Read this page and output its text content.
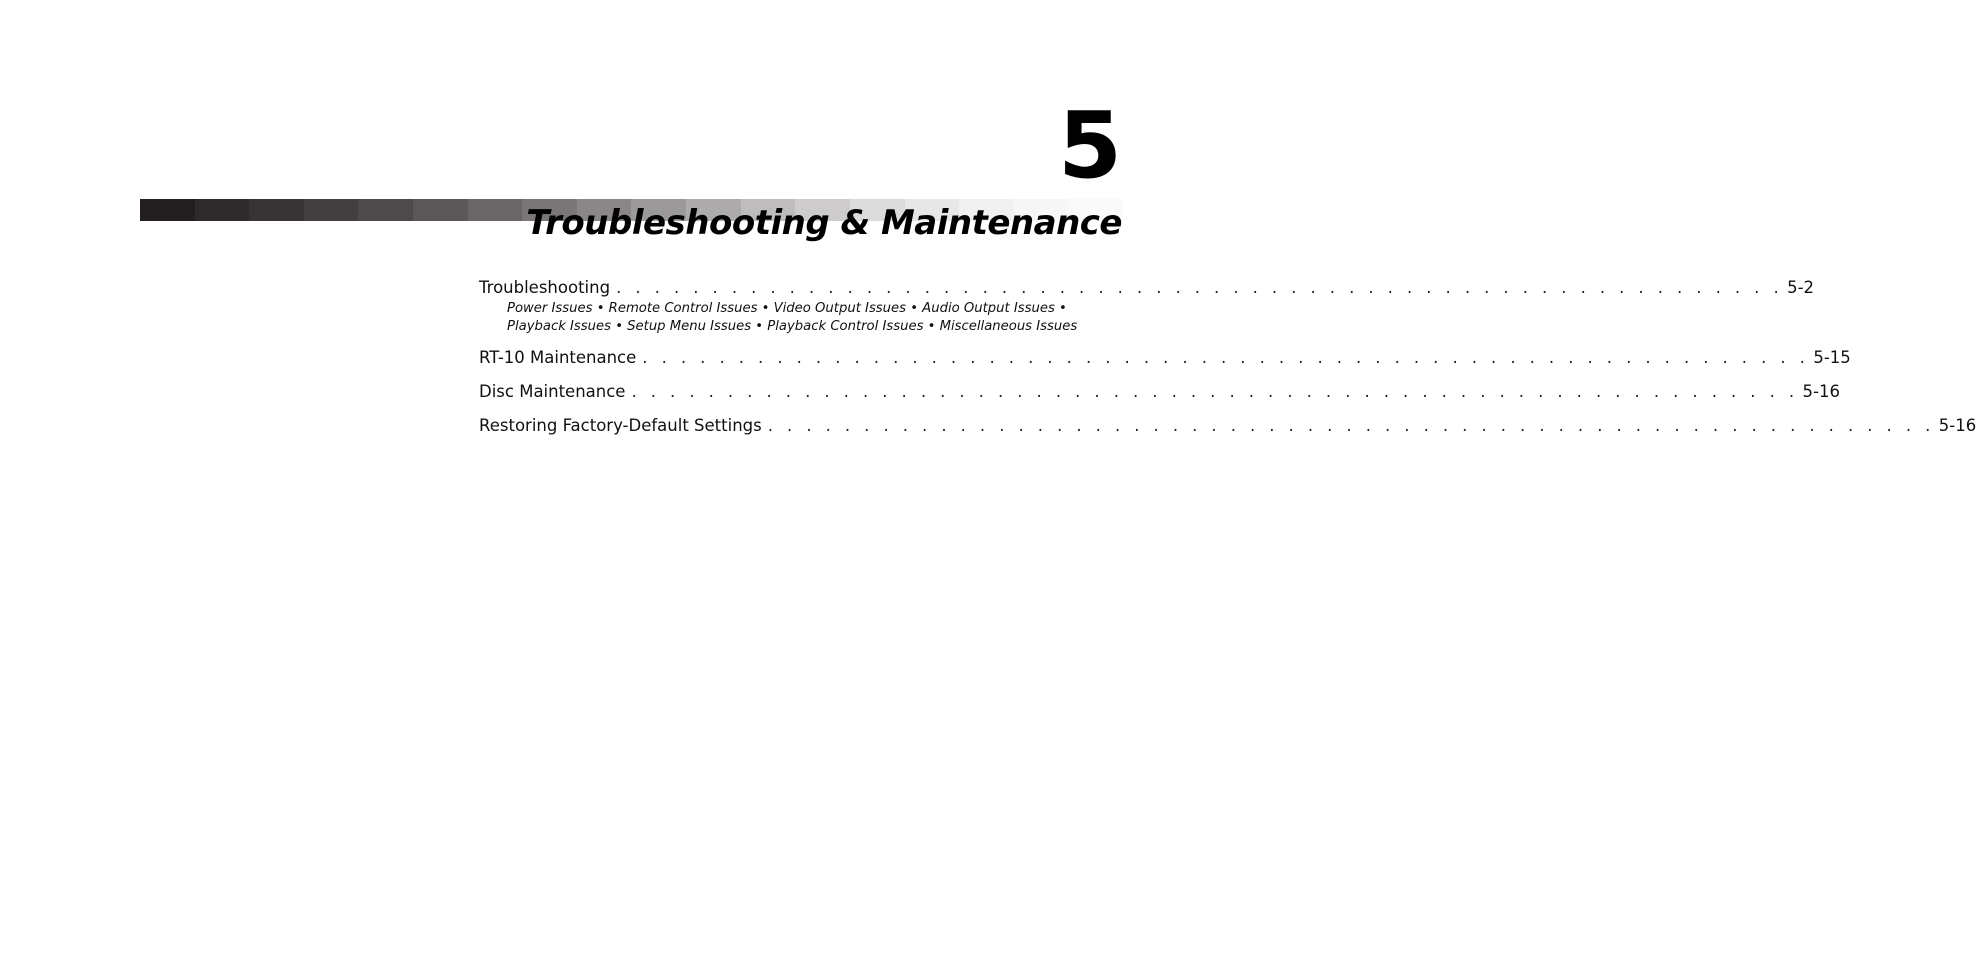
5
Troubleshooting & Maintenance
Troubleshooting . . . . . . . . . . . . . . . . . . . . . . . . . . . . . . . . . . . . . . . . . . . . . . . . . . . . . . . . . . . . . 5-2
Power Issues • Remote Control Issues • Video Output Issues • Audio Output Issues •
Playback Issues • Setup Menu Issues • Playback Control Issues • Miscellaneous Issues
RT-10 Maintenance . . . . . . . . . . . . . . . . . . . . . . . . . . . . . . . . . . . . . . . . . . . . . . . . . . . . . . . . . . . . . 5-15
Disc Maintenance . . . . . . . . . . . . . . . . . . . . . . . . . . . . . . . . . . . . . . . . . . . . . . . . . . . . . . . . . . . . . 5-16
Restoring Factory-Default Settings . . . . . . . . . . . . . . . . . . . . . . . . . . . . . . . . . . . . . . . . . . . . . . . . . . . . . . . . . . . . . 5-16
